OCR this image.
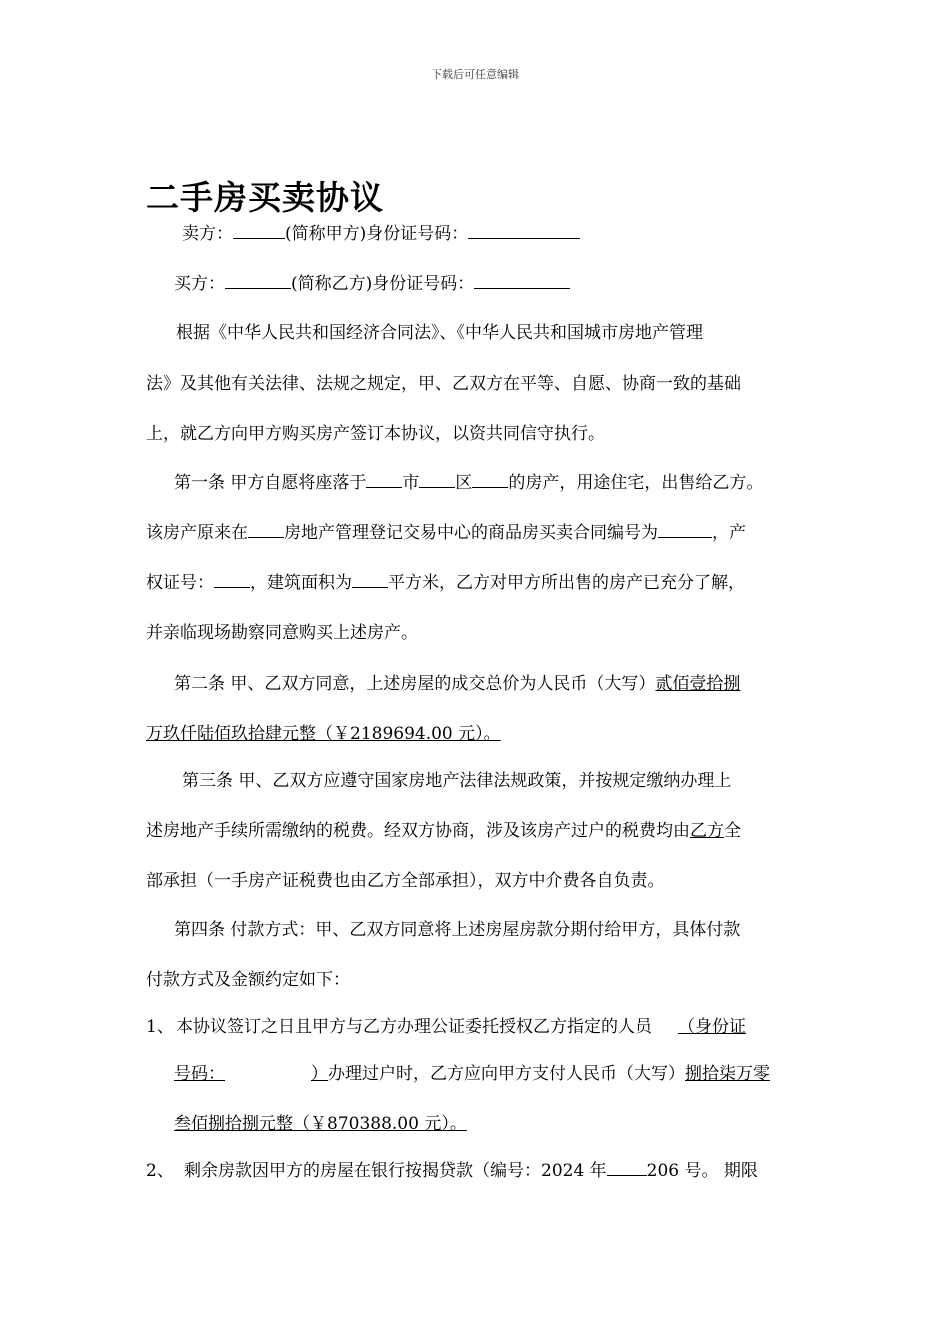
下载后可任意编辑
二手房买卖协议
卖方：	(简称甲方)身份证号码：
买方：	(简称乙方)身份证号码：
根据《中华人民共和国经济合同法》、《中华人民共和国城市房地产管理
法》及其他有关法律、法规之规定，甲、乙双方在平等、自愿、协商一致的基础
上，就乙方向甲方购买房产签订本协议，以资共同信守执行。
第一条 甲方自愿将座落于 市 区 的房产，用途住宅，出售给乙方。
该房产原来在 房地产管理登记交易中心的商品房买卖合同编号为	，产
权证号： ，建筑面积为 平方米，乙方对甲方所出售的房产已充分了解，
并亲临现场勘察同意购买上述房产。
第二条 甲、乙双方同意，上述房屋的成交总价为人民币（大写）贰佰壹拾捌
万玖仟陆佰玖拾肆元整（￥2189694.00 元）。
第三条 甲、乙双方应遵守国家房地产法律法规政策，并按规定缴纳办理上
述房地产手续所需缴纳的税费。经双方协商，涉及该房产过户的税费均由乙方全
部承担（一手房产证税费也由乙方全部承担），双方中介费各自负责。
第四条 付款方式：甲、乙双方同意将上述房屋房款分期付给甲方，具体付款
付款方式及金额约定如下：
1、 本协议签订之日且甲方与乙方办理公证委托授权乙方指定的人员 （身份证
号码：	）办理过户时，乙方应向甲方支付人民币（大写）捌拾柒万零
叁佰捌拾捌元整（￥870388.00 元）。
2、 剩余房款因甲方的房屋在银行按揭贷款（编号：2024 年 206 号。 期限
